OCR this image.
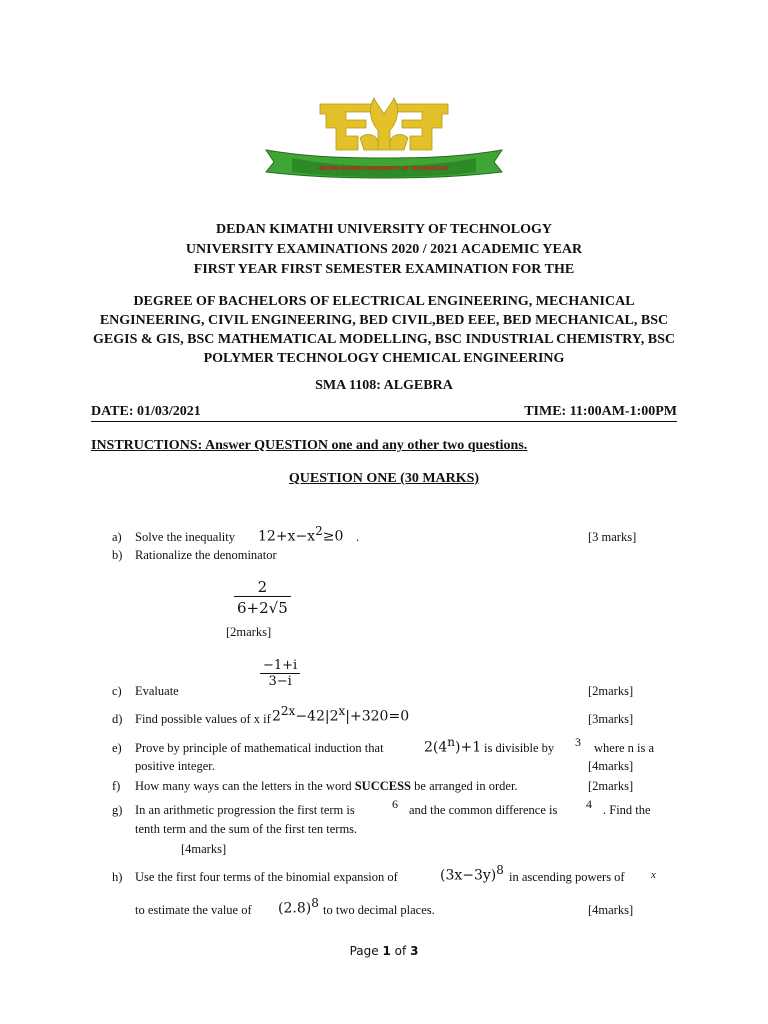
DEDAN KIMATHI UNIVERSITY OF TECHNOLOGY
DEDAN KIMATHI UNIVERSITY OF TECHNOLOGY
UNIVERSITY EXAMINATIONS 2020 / 2021 ACADEMIC YEAR
FIRST YEAR FIRST SEMESTER EXAMINATION FOR THE
DEGREE OF BACHELORS OF ELECTRICAL ENGINEERING, MECHANICAL
ENGINEERING, CIVIL ENGINEERING, BED CIVIL,BED EEE, BED MECHANICAL, BSC
GEGIS & GIS, BSC MATHEMATICAL MODELLING, BSC INDUSTRIAL CHEMISTRY, BSC
POLYMER TECHNOLOGY CHEMICAL ENGINEERING
SMA 1108: ALGEBRA
DATE: 01/03/2021	TIME: 11:00AM-1:00PM
INSTRUCTIONS: Answer QUESTION one and any other two questions.
QUESTION ONE (30 MARKS)
a) Solve the inequality $12+x-x^2\ge 0$ .	[3 marks]
b) Rationalize the denominator
$\frac{2}{6+2√5}$
[2marks]
c) Evaluate
$\frac{-1+i}{3-i}$
[2marks]
d) Find possible values of x if $2^{2x}-42|2^x|+320=0$	[3marks]
e) Prove by principle of mathematical induction that	$2(4^n)+1$ is divisible by 3 where n is a
positive integer.	[4marks]
f) How many ways can the letters in the word SUCCESS be arranged in order.	[2marks]
g) In an arithmetic progression the first term is	6 and the common difference is 4 . Find the
tenth term and the sum of the first ten terms.
[4marks]
h) Use the first four terms of the binomial expansion of	$(3x-3y)^8$ in ascending powers of x
to estimate the value of $(2.8)^8$ to two decimal places.	[4marks]
Page 1 of 3
